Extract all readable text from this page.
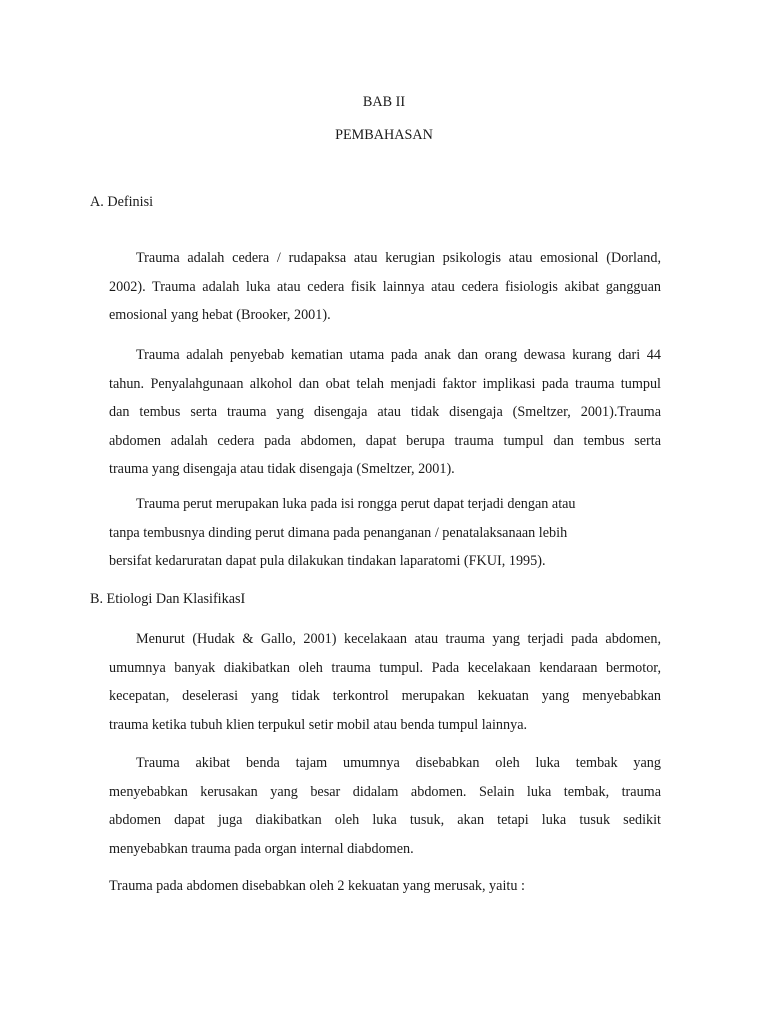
BAB II

PEMBAHASAN

A. Definisi

Trauma adalah cedera / rudapaksa atau kerugian psikologis atau emosional (Dorland,
2002). Trauma adalah luka atau cedera fisik lainnya atau cedera fisiologis akibat gangguan
emosional yang hebat (Brooker, 2001).
Trauma adalah penyebab kematian utama pada anak dan orang dewasa kurang dari 44
tahun. Penyalahgunaan alkohol dan obat telah menjadi faktor implikasi pada trauma tumpul
dan tembus serta trauma yang disengaja atau tidak disengaja (Smeltzer, 2001).Trauma
abdomen adalah cedera pada abdomen, dapat berupa trauma tumpul dan tembus serta
trauma yang disengaja atau tidak disengaja (Smeltzer, 2001).
Trauma perut merupakan luka pada isi rongga perut dapat terjadi dengan atau
tanpa tembusnya dinding perut dimana pada penanganan / penatalaksanaan lebih
bersifat kedaruratan dapat pula dilakukan tindakan laparatomi (FKUI, 1995).

B. Etiologi Dan KlasifikasI

Menurut (Hudak & Gallo, 2001) kecelakaan atau trauma yang terjadi pada abdomen,
umumnya banyak diakibatkan oleh trauma tumpul. Pada kecelakaan kendaraan bermotor,
kecepatan, deselerasi yang tidak terkontrol merupakan kekuatan yang menyebabkan
trauma ketika tubuh klien terpukul setir mobil atau benda tumpul lainnya.
Trauma akibat benda tajam umumnya disebabkan oleh luka tembak yang
menyebabkan kerusakan yang besar didalam abdomen. Selain luka tembak, trauma
abdomen dapat juga diakibatkan oleh luka tusuk, akan tetapi luka tusuk sedikit
menyebabkan trauma pada organ internal diabdomen.

Trauma pada abdomen disebabkan oleh 2 kekuatan yang merusak, yaitu :
